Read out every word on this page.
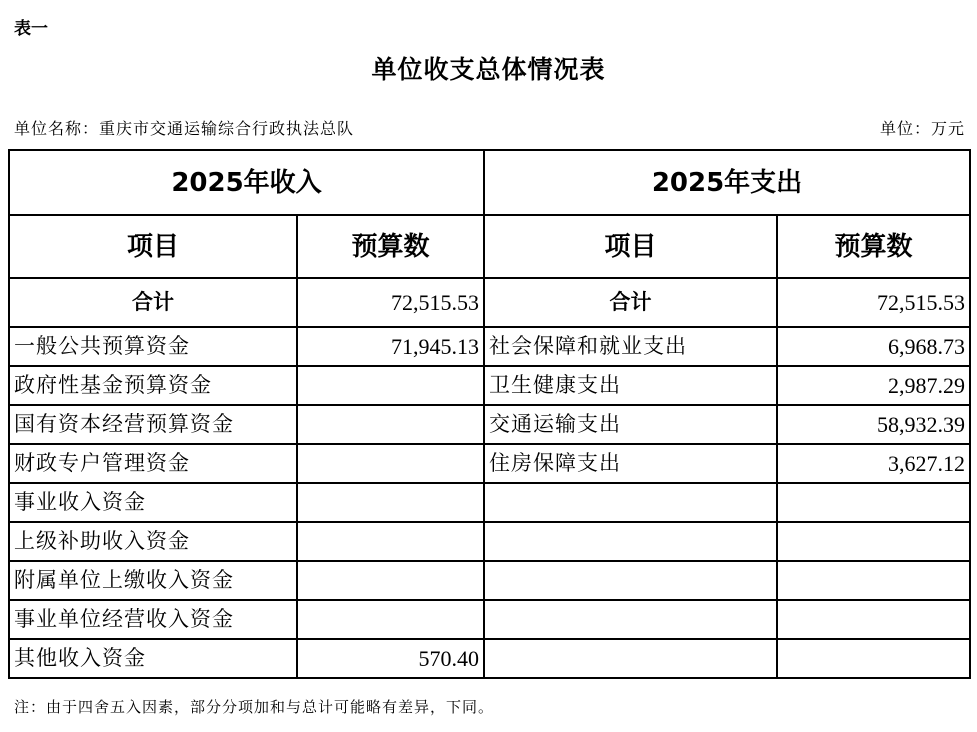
表一
单位收支总体情况表
单位名称：重庆市交通运输综合行政执法总队	单位：万元
2025年收入		2025年支出	
项目	预算数	项目	预算数
合计	72,515.53	合计	72,515.53
一般公共预算资金	71,945.13	社会保障和就业支出	6,968.73
政府性基金预算资金		卫生健康支出	2,987.29
国有资本经营预算资金		交通运输支出	58,932.39
财政专户管理资金		住房保障支出	3,627.12
事业收入资金			
上级补助收入资金			
附属单位上缴收入资金			
事业单位经营收入资金			
其他收入资金	570.40		
注：由于四舍五入因素，部分分项加和与总计可能略有差异，下同。
